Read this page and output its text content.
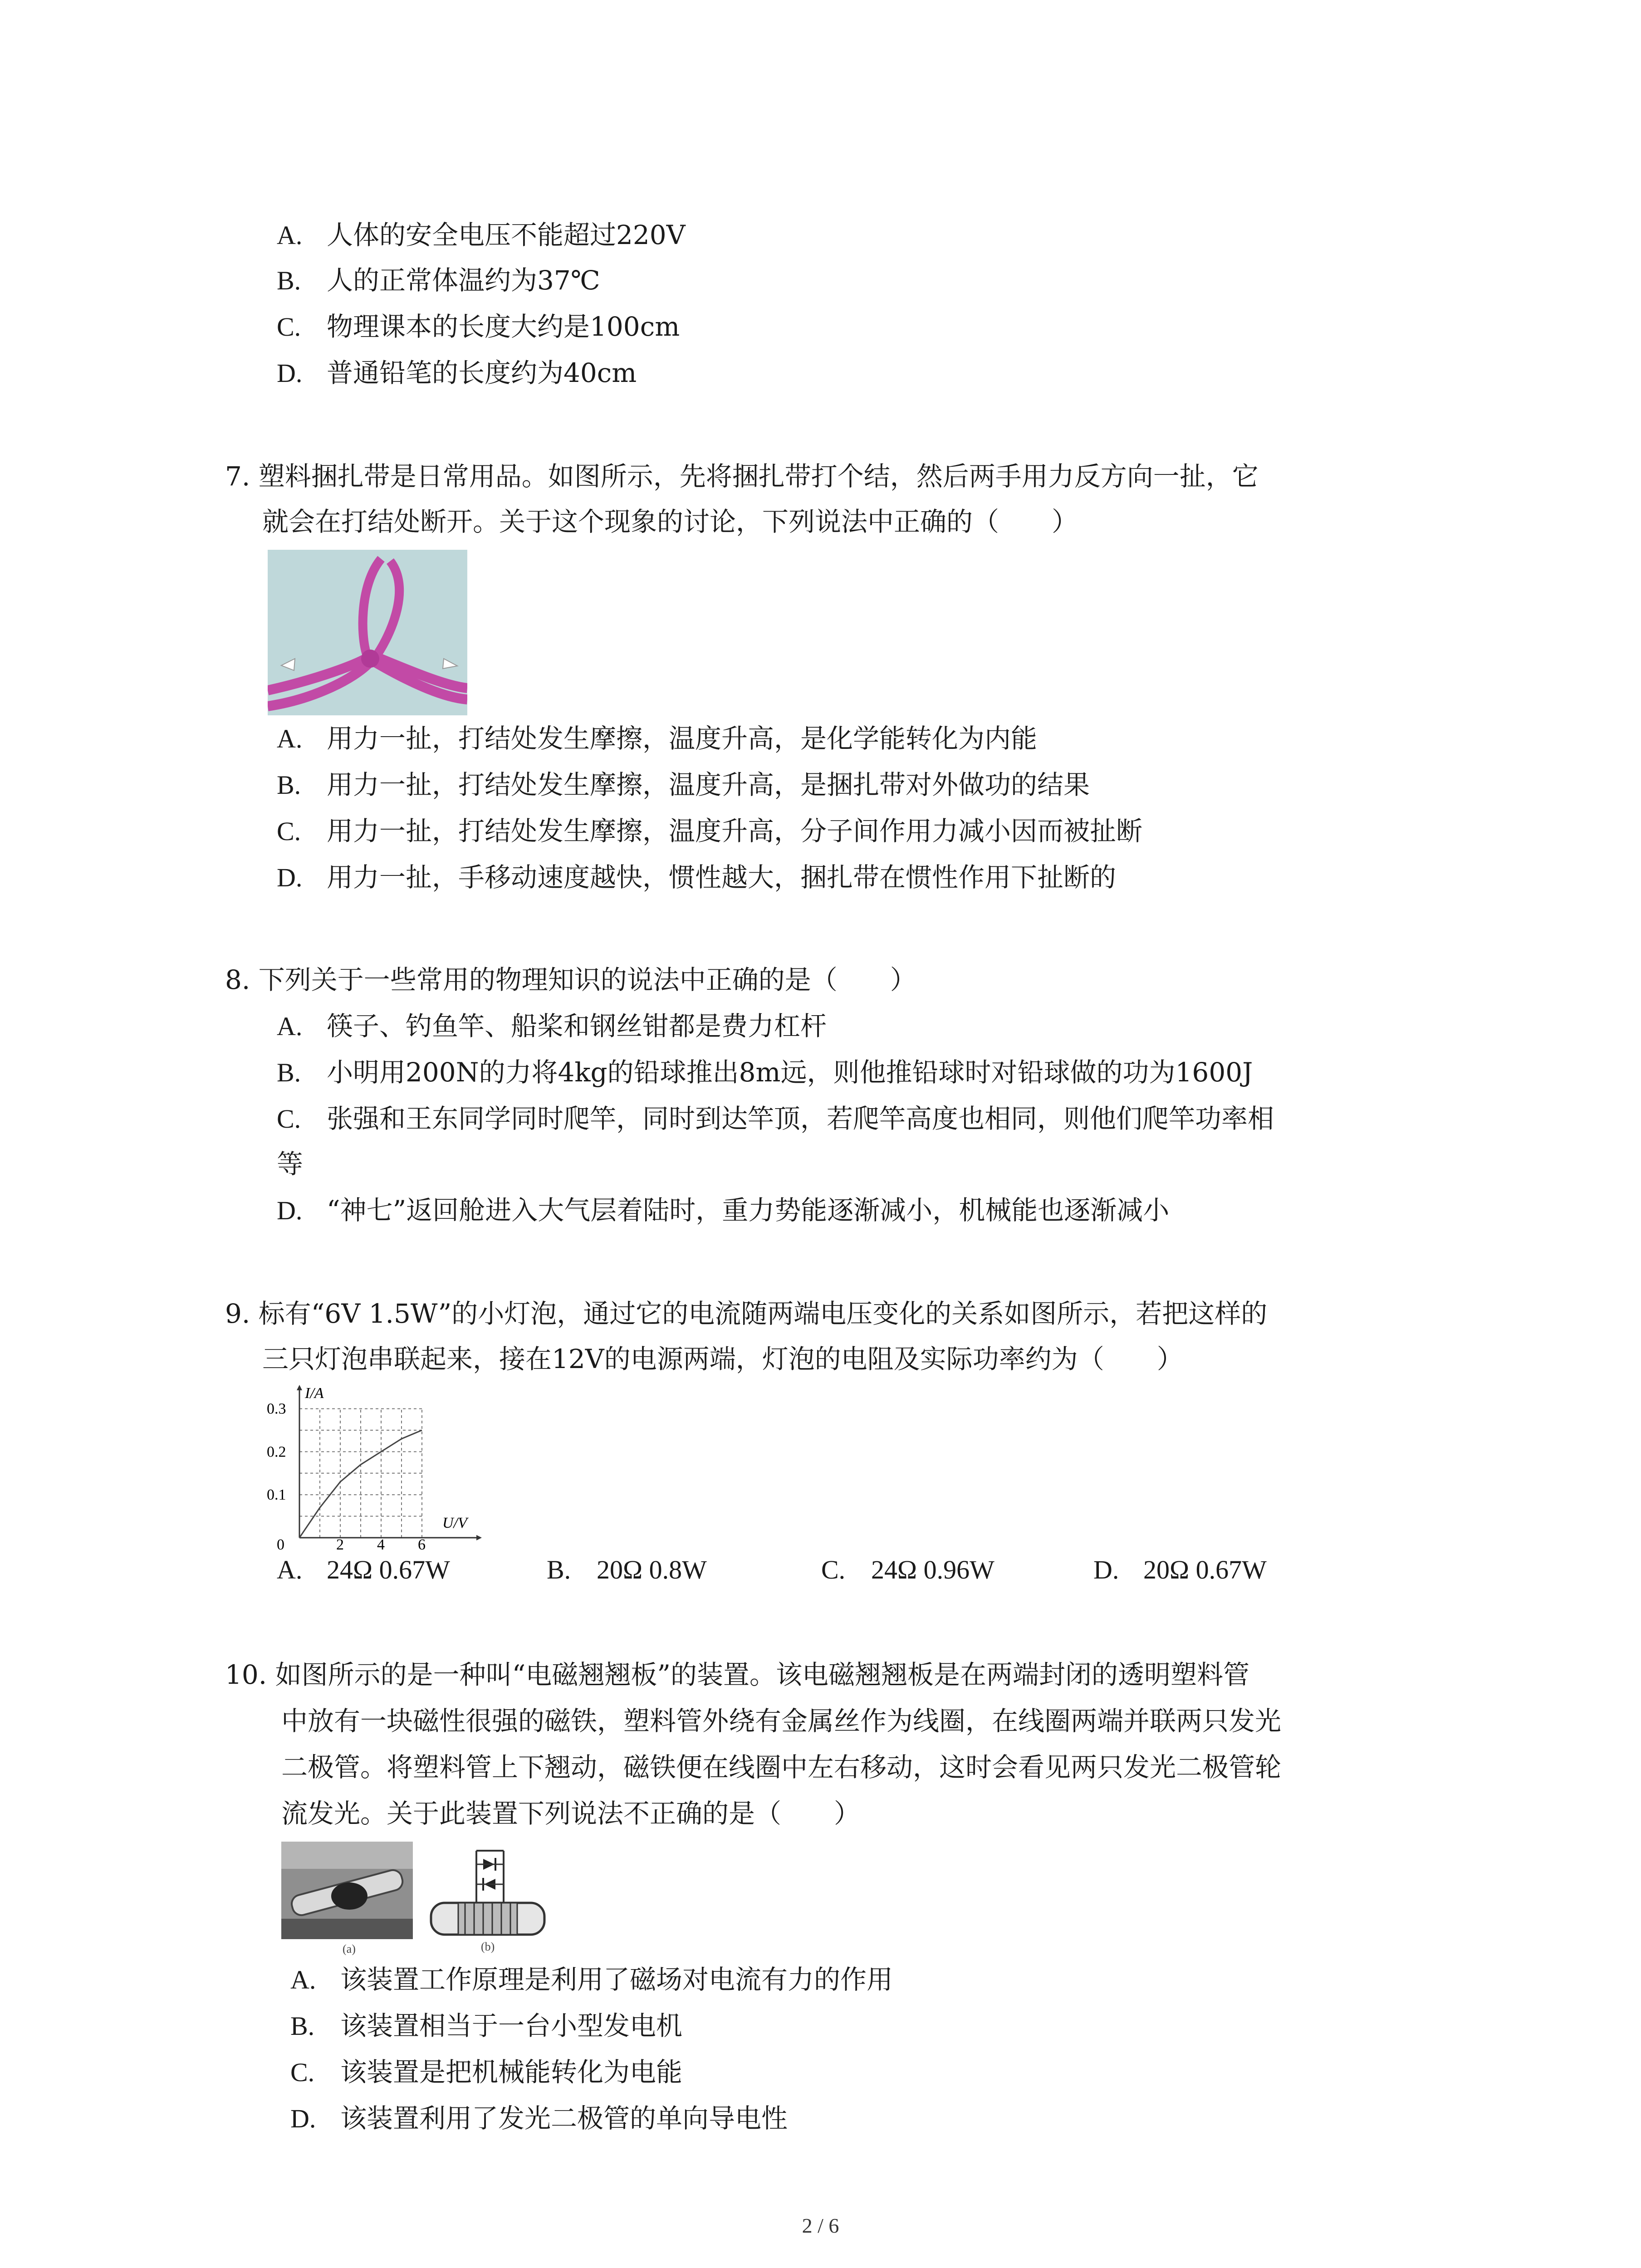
A. 人体的安全电压不能超过220V
B. 人的正常体温约为37℃
C. 物理课本的长度大约是100cm
D. 普通铅笔的长度约为40cm
7. 塑料捆扎带是日常用品。如图所示，先将捆扎带打个结，然后两手用力反方向一扯，它
就会在打结处断开。关于这个现象的讨论，下列说法中正确的（　　）
A. 用力一扯，打结处发生摩擦，温度升高，是化学能转化为内能
B. 用力一扯，打结处发生摩擦，温度升高，是捆扎带对外做功的结果
C. 用力一扯，打结处发生摩擦，温度升高，分子间作用力减小因而被扯断
D. 用力一扯，手移动速度越快，惯性越大，捆扎带在惯性作用下扯断的
8. 下列关于一些常用的物理知识的说法中正确的是（　　）
A. 筷子、钓鱼竿、船桨和钢丝钳都是费力杠杆
B. 小明用200N的力将4kg的铅球推出8m远，则他推铅球时对铅球做的功为1600J
C. 张强和王东同学同时爬竿，同时到达竿顶，若爬竿高度也相同，则他们爬竿功率相
等
D. “神七”返回舱进入大气层着陆时，重力势能逐渐减小，机械能也逐渐减小
9. 标有“6V 1.5W”的小灯泡，通过它的电流随两端电压变化的关系如图所示，若把这样的
三只灯泡串联起来，接在12V的电源两端，灯泡的电阻及实际功率约为（　　）
I/A
U/V
0	2 4 6
0.1
0.2
0.3
A. 24Ω 0.67W	B. 20Ω 0.8W	C. 24Ω 0.96W	D. 20Ω 0.67W
10. 如图所示的是一种叫“电磁翘翘板”的装置。该电磁翘翘板是在两端封闭的透明塑料管
中放有一块磁性很强的磁铁，塑料管外绕有金属丝作为线圈，在线圈两端并联两只发光
二极管。将塑料管上下翘动，磁铁便在线圈中左右移动，这时会看见两只发光二极管轮
流发光。关于此装置下列说法不正确的是（　　）
(a)	(b)
A. 该装置工作原理是利用了磁场对电流有力的作用
B. 该装置相当于一台小型发电机
C. 该装置是把机械能转化为电能
D. 该装置利用了发光二极管的单向导电性
2 / 6
